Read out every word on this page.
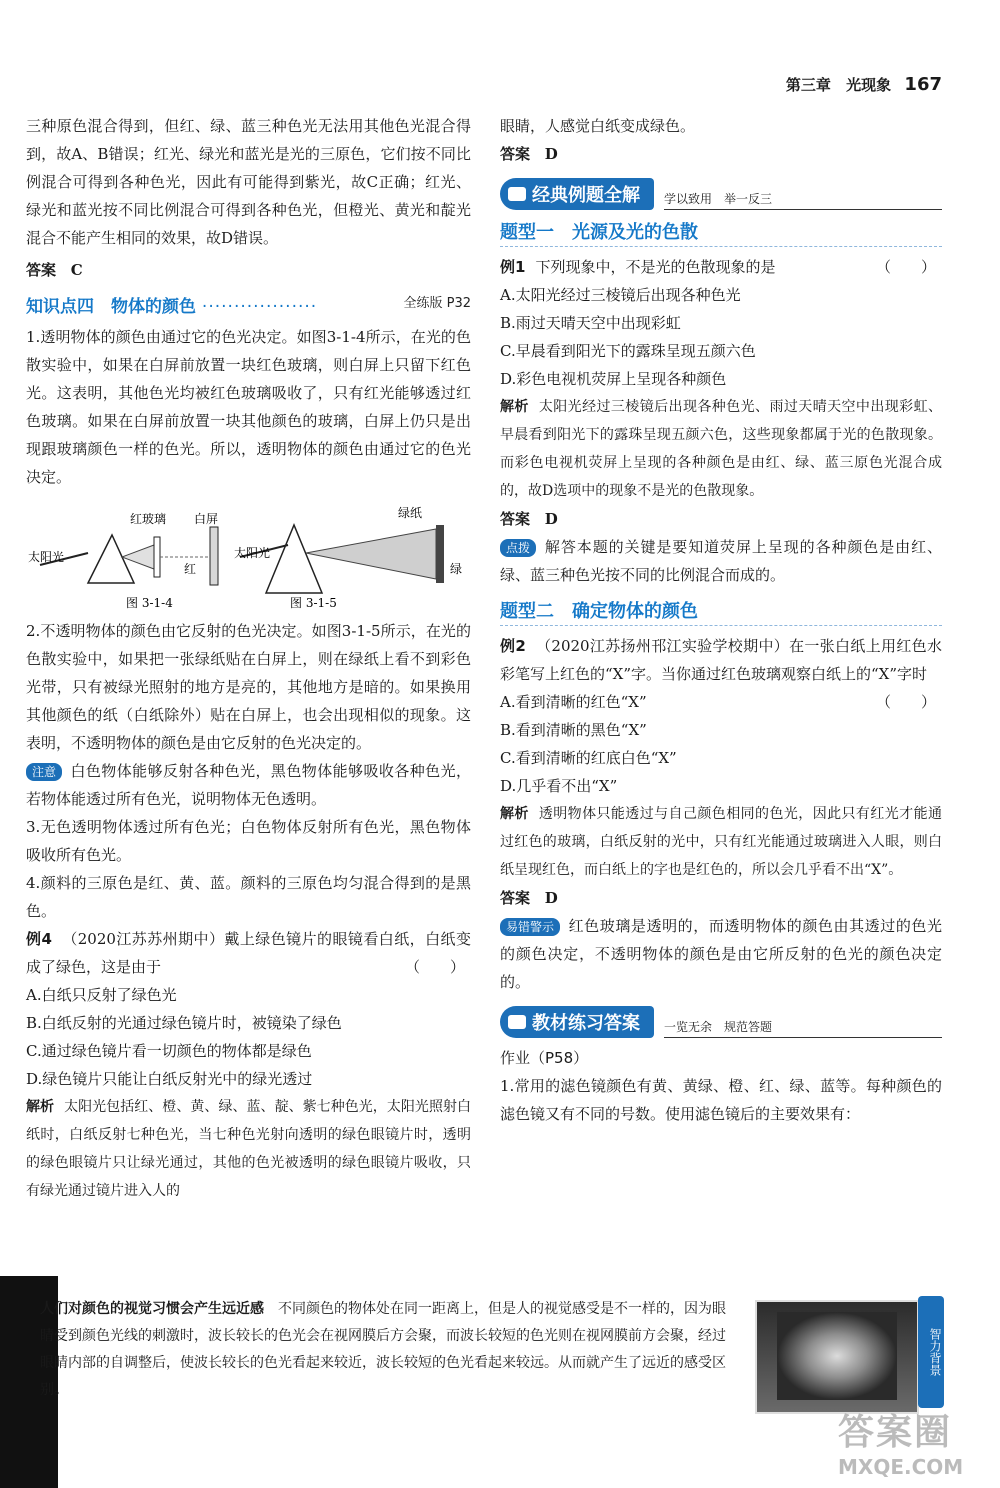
第三章 光现象 167

三种原色混合得到，但红、绿、蓝三种色光无法用其他色光混合得到，故A、B错误；红光、绿光和蓝光是光的三原色，它们按不同比例混合可得到各种色光，因此有可能得到紫光，故C正确；红光、绿光和蓝光按不同比例混合可得到各种色光，但橙光、黄光和靛光混合不能产生相同的效果，故D错误。

答案 C

知识点四　物体的颜色 ··················	全练版 P32

1.透明物体的颜色由通过它的色光决定。如图3-1-4所示，在光的色散实验中，如果在白屏前放置一块红色玻璃，则白屏上只留下红色光。这表明，其他色光均被红色玻璃吸收了，只有红光能够透过红色玻璃。如果在白屏前放置一块其他颜色的玻璃，白屏上仍只是出现跟玻璃颜色一样的色光。所以，透明物体的颜色由通过它的色光决定。

太阳光
红玻璃 白屏
红
图 3-1-4
太阳光
绿纸
绿
图 3-1-5

2.不透明物体的颜色由它反射的色光决定。如图3-1-5所示，在光的色散实验中，如果把一张绿纸贴在白屏上，则在绿纸上看不到彩色光带，只有被绿光照射的地方是亮的，其他地方是暗的。如果换用其他颜色的纸（白纸除外）贴在白屏上，也会出现相似的现象。这表明，不透明物体的颜色是由它反射的色光决定的。

注意 白色物体能够反射各种色光，黑色物体能够吸收各种色光，若物体能透过所有色光，说明物体无色透明。

3.无色透明物体透过所有色光；白色物体反射所有色光，黑色物体吸收所有色光。

4.颜料的三原色是红、黄、蓝。颜料的三原色均匀混合得到的是黑色。

例4 （2020江苏苏州期中）戴上绿色镜片的眼镜看白纸，白纸变成了绿色，这是由于	（　　）

A.白纸只反射了绿色光

B.白纸反射的光通过绿色镜片时，被镜染了绿色

C.通过绿色镜片看一切颜色的物体都是绿色

D.绿色镜片只能让白纸反射光中的绿光透过

解析 太阳光包括红、橙、黄、绿、蓝、靛、紫七种色光，太阳光照射白纸时，白纸反射七种色光，当七种色光射向透明的绿色眼镜片时，透明的绿色眼镜片只让绿光通过，其他的色光被透明的绿色眼镜片吸收，只有绿光通过镜片进入人的

眼睛，人感觉白纸变成绿色。

答案 D

经典例题全解 学以致用　举一反三
题型一　光源及光的色散

例1 下列现象中，不是光的色散现象的是	（　　）

A.太阳光经过三棱镜后出现各种色光

B.雨过天晴天空中出现彩虹

C.早晨看到阳光下的露珠呈现五颜六色

D.彩色电视机荧屏上呈现各种颜色

解析 太阳光经过三棱镜后出现各种色光、雨过天晴天空中出现彩虹、早晨看到阳光下的露珠呈现五颜六色，这些现象都属于光的色散现象。而彩色电视机荧屏上呈现的各种颜色是由红、绿、蓝三原色光混合成的，故D选项中的现象不是光的色散现象。

答案 D

点拨 解答本题的关键是要知道荧屏上呈现的各种颜色是由红、绿、蓝三种色光按不同的比例混合而成的。

题型二　确定物体的颜色

例2 （2020江苏扬州邗江实验学校期中）在一张白纸上用红色水彩笔写上红色的“X”字。当你通过红色玻璃观察白纸上的“X”字时
（　　）

A.看到清晰的红色“X”

B.看到清晰的黑色“X”

C.看到清晰的红底白色“X”

D.几乎看不出“X”

解析 透明物体只能透过与自己颜色相同的色光，因此只有红光才能通过红色的玻璃，白纸反射的光中，只有红光能通过玻璃进入人眼，则白纸呈现红色，而白纸上的字也是红色的，所以会几乎看不出“X”。

答案 D

易错警示 红色玻璃是透明的，而透明物体的颜色由其透过的色光的颜色决定，不透明物体的颜色是由它所反射的色光的颜色决定的。

教材练习答案 一览无余　规范答题

作业（P58）

1.常用的滤色镜颜色有黄、黄绿、橙、红、绿、蓝等。每种颜色的滤色镜又有不同的号数。使用滤色镜后的主要效果有：

人们对颜色的视觉习惯会产生远近感　 不同颜色的物体处在同一距离上，但是人的视觉感受是不一样的，因为眼睛受到颜色光线的刺激时，波长较长的色光会在视网膜后方会聚，而波长较短的色光则在视网膜前方会聚，经过眼睛内部的自调整后，使波长较长的色光看起来较近，波长较短的色光看起来较远。从而就产生了远近的感受区别。
智力背景
答案圈
MXQE.COM
